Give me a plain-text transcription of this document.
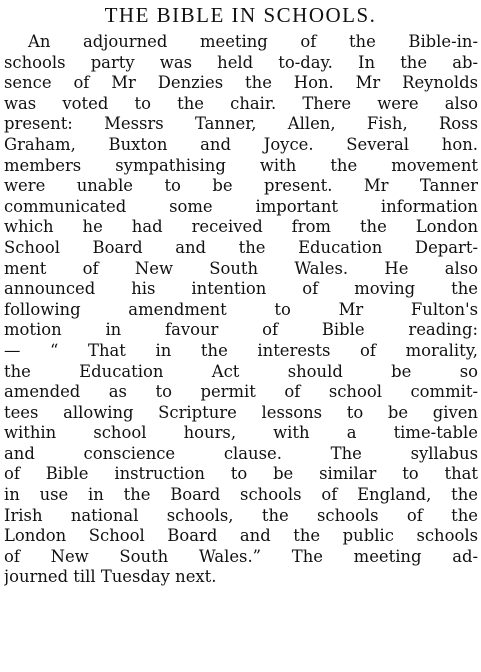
THE BIBLE IN SCHOOLS.
An adjourned meeting of the Bible-in-
schools party was held to-day. In the ab-
sence of Mr Denzies the Hon. Mr Reynolds
was voted to the chair. There were also
present: Messrs Tanner, Allen, Fish, Ross
Graham, Buxton and Joyce. Several hon.
members sympathising with the movement
were unable to be present. Mr Tanner
communicated some important information
which he had received from the London
School Board and the Education Depart-
ment of New South Wales. He also
announced his intention of moving the
following amendment to Mr Fulton's
motion in favour of Bible reading:
— “ That in the interests of morality,
the Education Act should be so
amended as to permit of school commit-
tees allowing Scripture lessons to be given
within school hours, with a time-table
and conscience clause. The syllabus
of Bible instruction to be similar to that
in use in the Board schools of England, the
Irish national schools, the schools of the
London School Board and the public schools
of New South Wales.” The meeting ad-
journed till Tuesday next.
